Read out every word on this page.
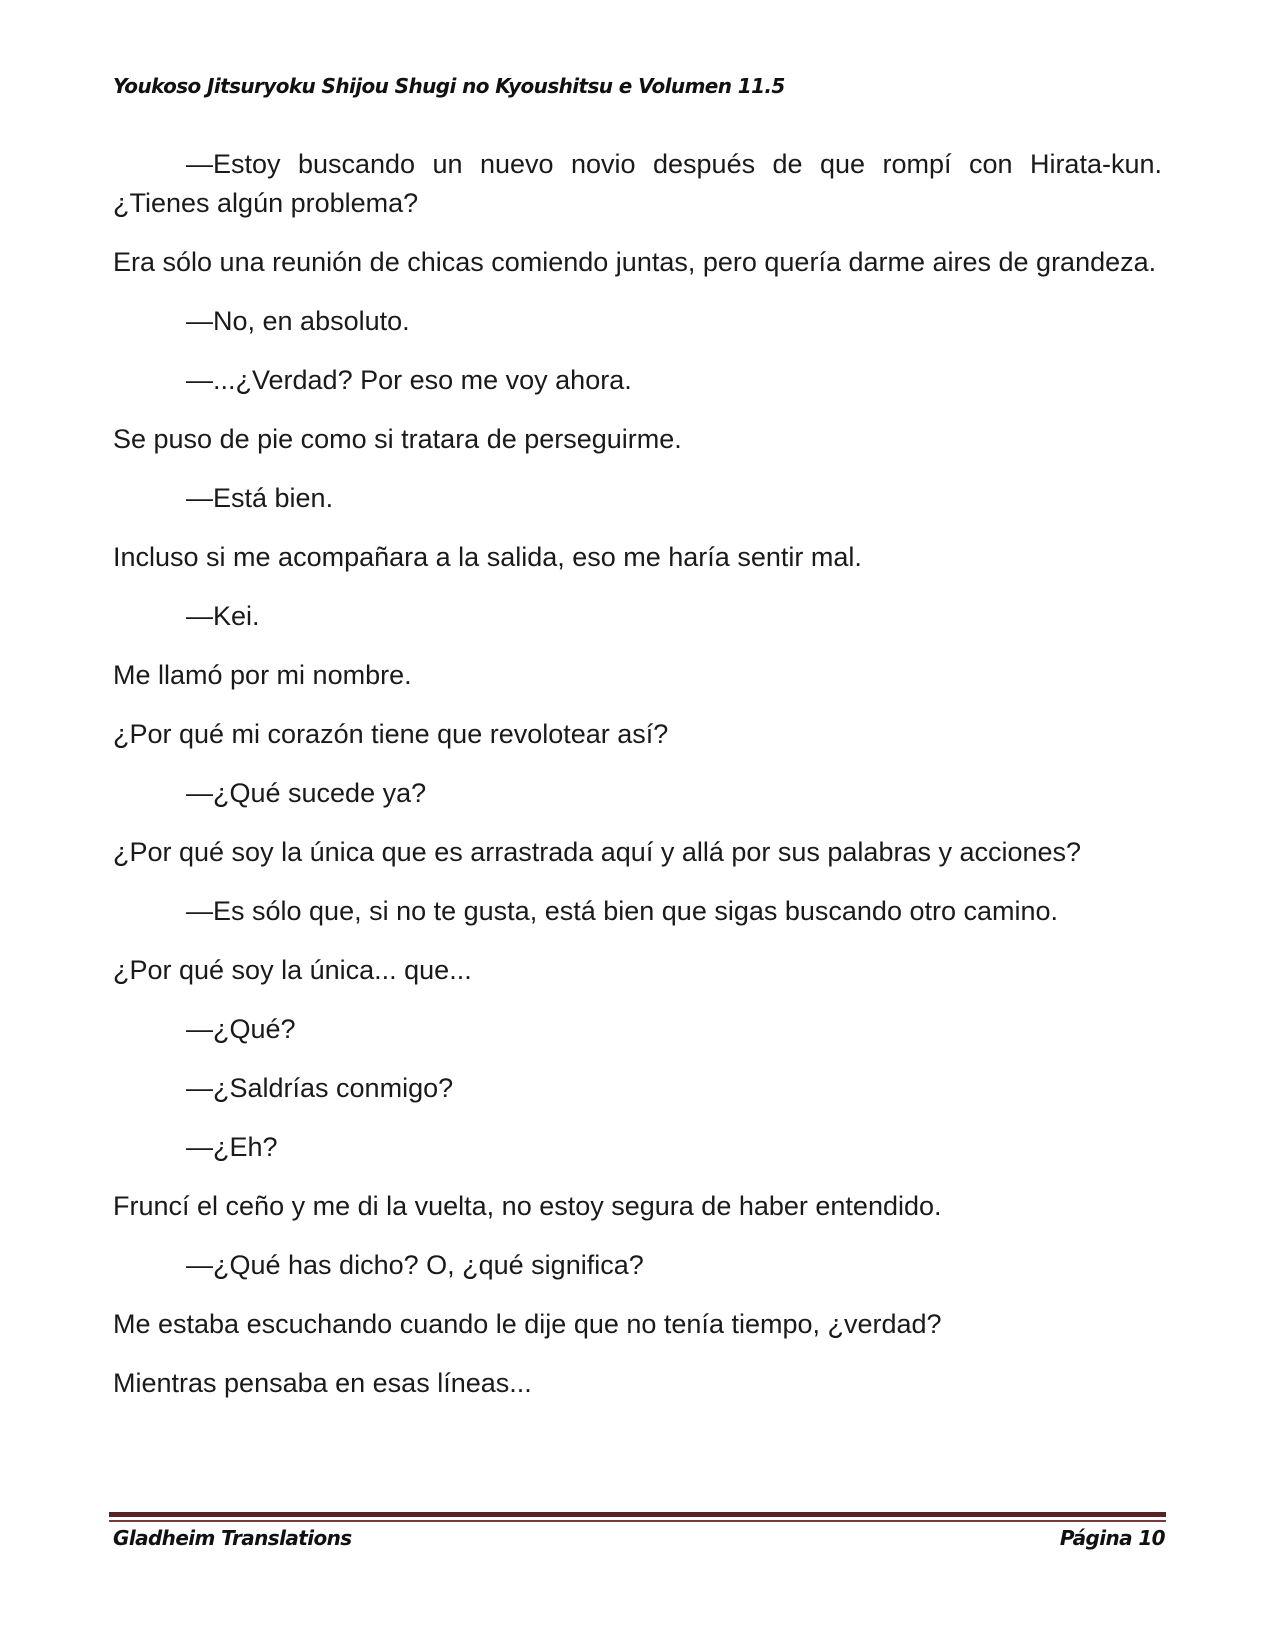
Youkoso Jitsuryoku Shijou Shugi no Kyoushitsu e Volumen 11.5

—Estoy buscando un nuevo novio después de que rompí con Hirata-kun. ¿Tienes algún problema?

Era sólo una reunión de chicas comiendo juntas, pero quería darme aires de grandeza.

—No, en absoluto.

—...¿Verdad? Por eso me voy ahora.

Se puso de pie como si tratara de perseguirme.

—Está bien.

Incluso si me acompañara a la salida, eso me haría sentir mal.

—Kei.

Me llamó por mi nombre.

¿Por qué mi corazón tiene que revolotear así?

—¿Qué sucede ya?

¿Por qué soy la única que es arrastrada aquí y allá por sus palabras y acciones?

—Es sólo que, si no te gusta, está bien que sigas buscando otro camino.

¿Por qué soy la única... que...

—¿Qué?

—¿Saldrías conmigo?

—¿Eh?

Fruncí el ceño y me di la vuelta, no estoy segura de haber entendido.

—¿Qué has dicho? O, ¿qué significa?

Me estaba escuchando cuando le dije que no tenía tiempo, ¿verdad?

Mientras pensaba en esas líneas...

Gladheim Translations	Página 10
